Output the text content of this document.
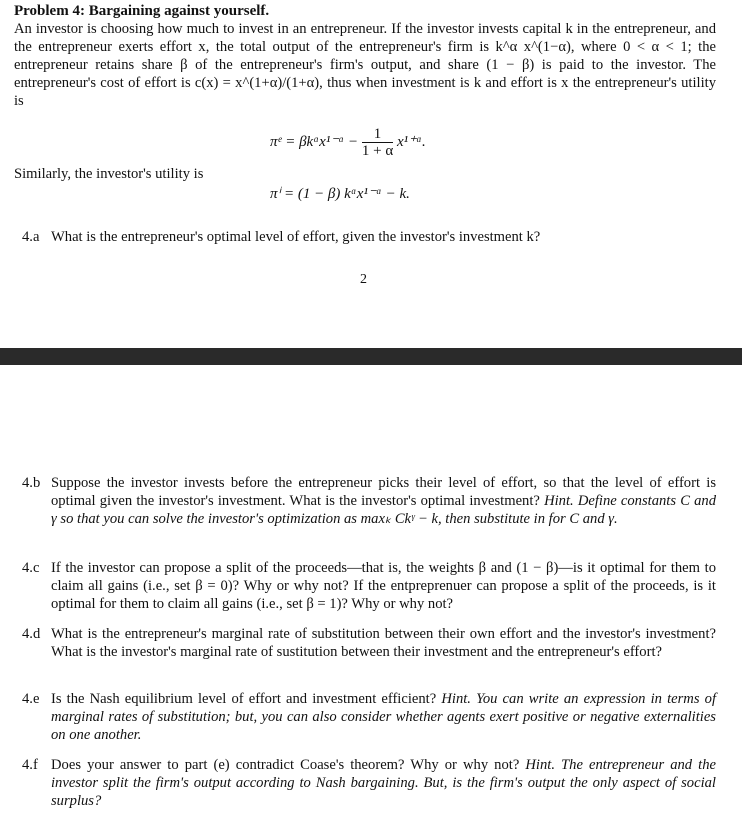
Problem 4: Bargaining against yourself.

An investor is choosing how much to invest in an entrepreneur. If the investor invests capital k in the entrepreneur, and the entrepreneur exerts effort x, the total output of the entrepreneur's firm is k^α x^(1−α), where 0 < α < 1; the entrepreneur retains share β of the entrepreneur's firm's output, and share (1 − β) is paid to the investor. The entrepreneur's cost of effort is c(x) = x^(1+α)/(1+α), thus when investment is k and effort is x the entrepreneur's utility is

πᵉ = βkᵅx¹⁻ᵅ − $\frac{1}{1 + \alpha}$ x¹⁺ᵅ.
Similarly, the investor's utility is
πⁱ = (1 − β) kᵅx¹⁻ᵅ − k.
4.a What is the entrepreneur's optimal level of effort, given the investor's investment k?
2
4.b Suppose the investor invests before the entrepreneur picks their level of effort, so that the level of effort is optimal given the investor's investment. What is the investor's optimal investment? Hint. Define constants C and γ so that you can solve the investor's optimization as maxₖ Ckᵞ − k, then substitute in for C and γ.
4.c If the investor can propose a split of the proceeds—that is, the weights β and (1 − β)—is it optimal for them to claim all gains (i.e., set β = 0)? Why or why not? If the entpreprenuer can propose a split of the proceeds, is it optimal for them to claim all gains (i.e., set β = 1)? Why or why not?
4.d What is the entrepreneur's marginal rate of substitution between their own effort and the investor's investment? What is the investor's marginal rate of sustitution between their investment and the entrepreneur's effort?
4.e Is the Nash equilibrium level of effort and investment efficient? Hint. You can write an expression in terms of marginal rates of substitution; but, you can also consider whether agents exert positive or negative externalities on one another.
4.f Does your answer to part (e) contradict Coase's theorem? Why or why not? Hint. The entrepreneur and the investor split the firm's output according to Nash bargaining. But, is the firm's output the only aspect of social surplus?
